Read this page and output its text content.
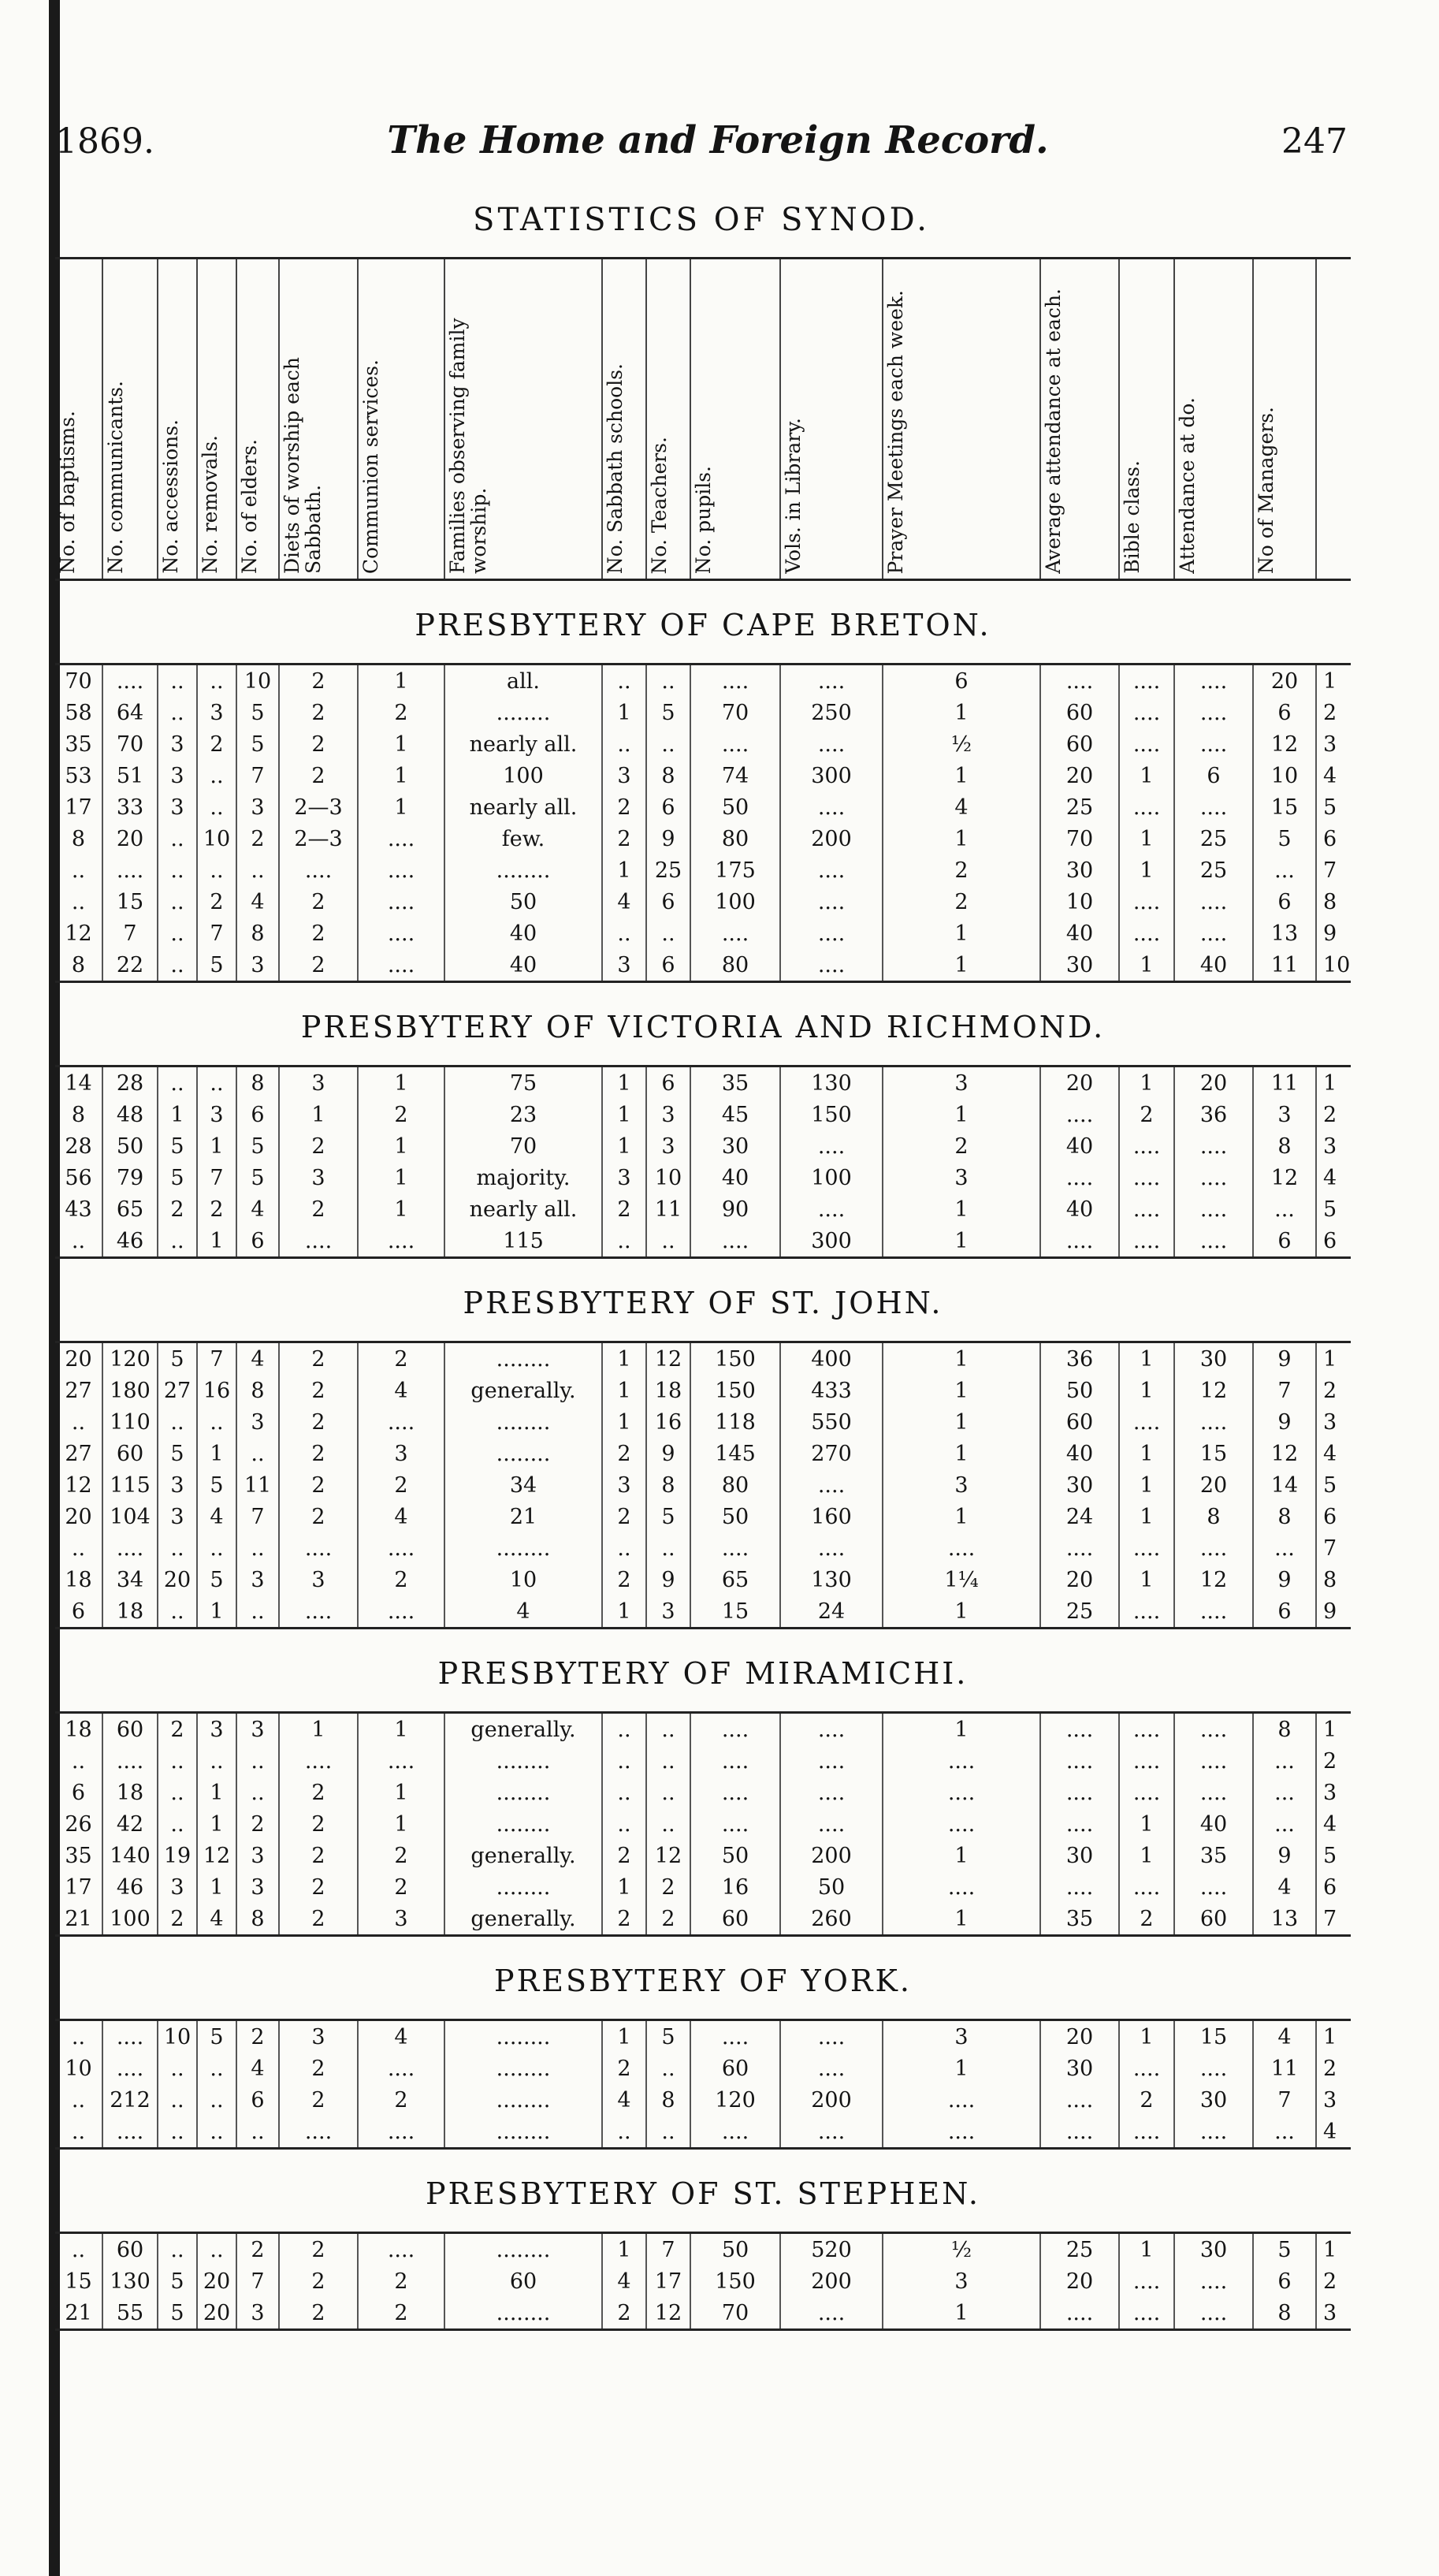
1869.	The Home and Foreign Record.	247
STATISTICS OF SYNOD.
No. of baptisms.	No. communicants.	No. accessions.	No. removals.	No. of elders.	Diets of worship each Sabbath.	Communion services.	Families observing family worship.	No. Sabbath schools.	No. Teachers.	No. pupils.	Vols. in Library.	Prayer Meetings each week.	Average attendance at each.	Bible class.	Attendance at do.	No of Managers.	

PRESBYTERY OF CAPE BRETON.																	
70	....	..	..	10	2	1	all.	..	..	....	....	6	....	....	....	20	1
58	64	..	3	5	2	2	........	1	5	70	250	1	60	....	....	6	2
35	70	3	2	5	2	1	nearly all.	..	..	....	....	½	60	....	....	12	3
53	51	3	..	7	2	1	100	3	8	74	300	1	20	1	6	10	4
17	33	3	..	3	2—3	1	nearly all.	2	6	50	....	4	25	....	....	15	5
8	20	..	10	2	2—3	....	few.	2	9	80	200	1	70	1	25	5	6
..	....	..	..	..	....	....	........	1	25	175	....	2	30	1	25	...	7
..	15	..	2	4	2	....	50	4	6	100	....	2	10	....	....	6	8
12	7	..	7	8	2	....	40	..	..	....	....	1	40	....	....	13	9
8	22	..	5	3	2	....	40	3	6	80	....	1	30	1	40	11	10
PRESBYTERY OF VICTORIA AND RICHMOND.																	
14	28	..	..	8	3	1	75	1	6	35	130	3	20	1	20	11	1
8	48	1	3	6	1	2	23	1	3	45	150	1	....	2	36	3	2
28	50	5	1	5	2	1	70	1	3	30	....	2	40	....	....	8	3
56	79	5	7	5	3	1	majority.	3	10	40	100	3	....	....	....	12	4
43	65	2	2	4	2	1	nearly all.	2	11	90	....	1	40	....	....	...	5
..	46	..	1	6	....	....	115	..	..	....	300	1	....	....	....	6	6
PRESBYTERY OF ST. JOHN.																	
20	120	5	7	4	2	2	........	1	12	150	400	1	36	1	30	9	1
27	180	27	16	8	2	4	generally.	1	18	150	433	1	50	1	12	7	2
..	110	..	..	3	2	....	........	1	16	118	550	1	60	....	....	9	3
27	60	5	1	..	2	3	........	2	9	145	270	1	40	1	15	12	4
12	115	3	5	11	2	2	34	3	8	80	....	3	30	1	20	14	5
20	104	3	4	7	2	4	21	2	5	50	160	1	24	1	8	8	6
..	....	..	..	..	....	....	........	..	..	....	....	....	....	....	....	...	7
18	34	20	5	3	3	2	10	2	9	65	130	1¼	20	1	12	9	8
6	18	..	1	..	....	....	4	1	3	15	24	1	25	....	....	6	9
PRESBYTERY OF MIRAMICHI.																	
18	60	2	3	3	1	1	generally.	..	..	....	....	1	....	....	....	8	1
..	....	..	..	..	....	....	........	..	..	....	....	....	....	....	....	...	2
6	18	..	1	..	2	1	........	..	..	....	....	....	....	....	....	...	3
26	42	..	1	2	2	1	........	..	..	....	....	....	....	1	40	...	4
35	140	19	12	3	2	2	generally.	2	12	50	200	1	30	1	35	9	5
17	46	3	1	3	2	2	........	1	2	16	50	....	....	....	....	4	6
21	100	2	4	8	2	3	generally.	2	2	60	260	1	35	2	60	13	7
PRESBYTERY OF YORK.																	
..	....	10	5	2	3	4	........	1	5	....	....	3	20	1	15	4	1
10	....	..	..	4	2	....	........	2	..	60	....	1	30	....	....	11	2
..	212	..	..	6	2	2	........	4	8	120	200	....	....	2	30	7	3
..	....	..	..	..	....	....	........	..	..	....	....	....	....	....	....	...	4
PRESBYTERY OF ST. STEPHEN.																	
..	60	..	..	2	2	....	........	1	7	50	520	½	25	1	30	5	1
15	130	5	20	7	2	2	60	4	17	150	200	3	20	....	....	6	2
21	55	5	20	3	2	2	........	2	12	70	....	1	....	....	....	8	3
